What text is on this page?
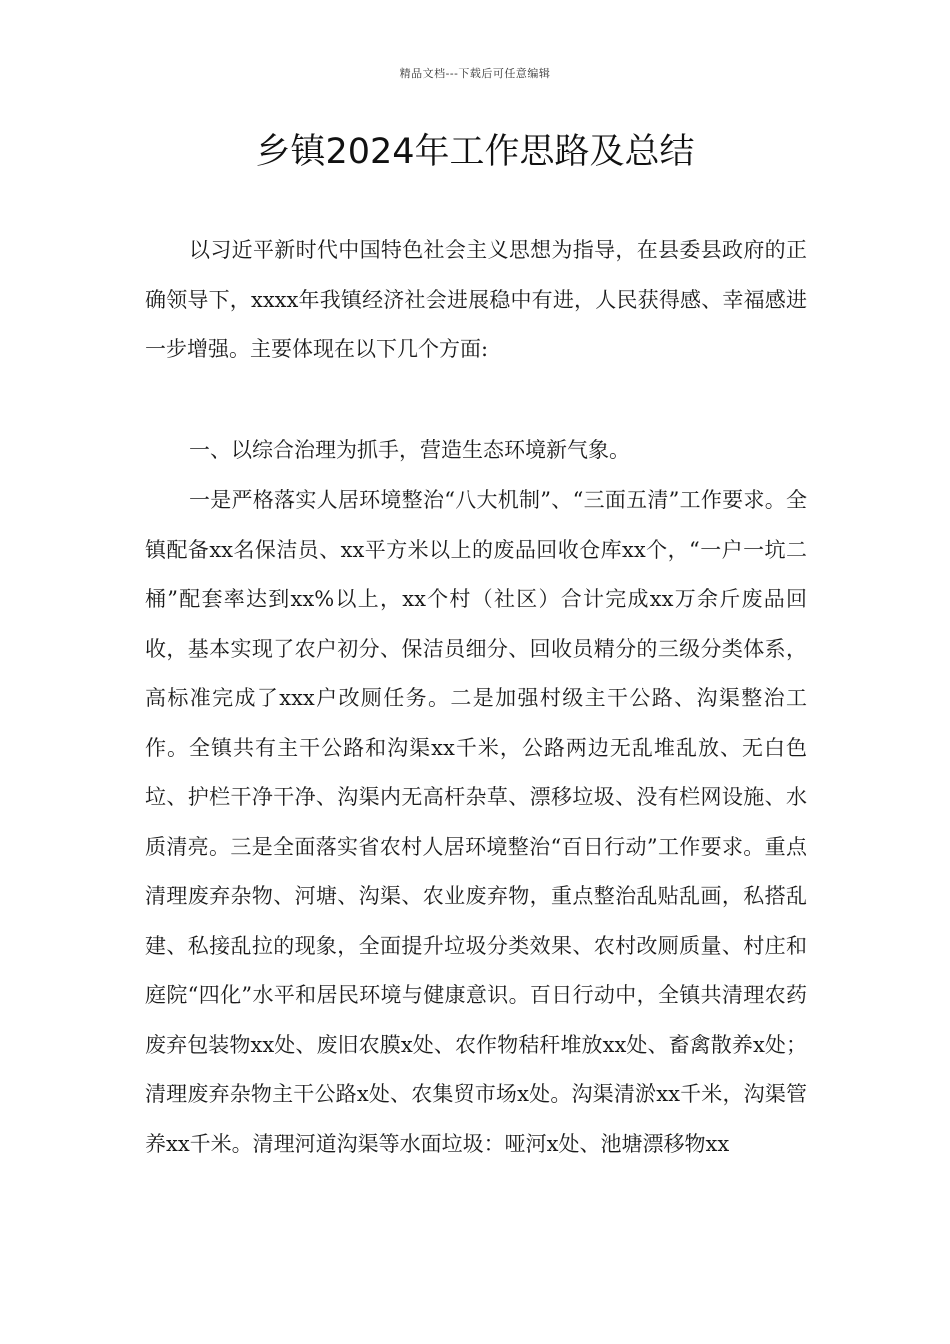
精品文档---下载后可任意编辑
乡镇2024年工作思路及总结

以习近平新时代中国特色社会主义思想为指导，在县委县政府的正确领导下，xxxx年我镇经济社会进展稳中有进，人民获得感、幸福感进一步增强。主要体现在以下几个方面:

一、以综合治理为抓手，营造生态环境新气象。

一是严格落实人居环境整治“八大机制”、“三面五清”工作要求。全镇配备xx名保洁员、xx平方米以上的废品回收仓库xx个，“一户一坑二桶”配套率达到xx%以上，xx个村（社区）合计完成xx万余斤废品回收，基本实现了农户初分、保洁员细分、回收员精分的三级分类体系，高标准完成了xxx户改厕任务。二是加强村级主干公路、沟渠整治工作。全镇共有主干公路和沟渠xx千米，公路两边无乱堆乱放、无白色垃、护栏干净干净、沟渠内无高杆杂草、漂移垃圾、没有栏网设施、水质清亮。三是全面落实省农村人居环境整治“百日行动”工作要求。重点清理废弃杂物、河塘、沟渠、农业废弃物，重点整治乱贴乱画，私搭乱建、私接乱拉的现象，全面提升垃圾分类效果、农村改厕质量、村庄和庭院“四化”水平和居民环境与健康意识。百日行动中，全镇共清理农药废弃包装物xx处、废旧农膜x处、农作物秸秆堆放xx处、畜禽散养x处；清理废弃杂物主干公路x处、农集贸市场x处。沟渠清淤xx千米，沟渠管养xx千米。清理河道沟渠等水面垃圾：哑河x处、池塘漂移物xx
